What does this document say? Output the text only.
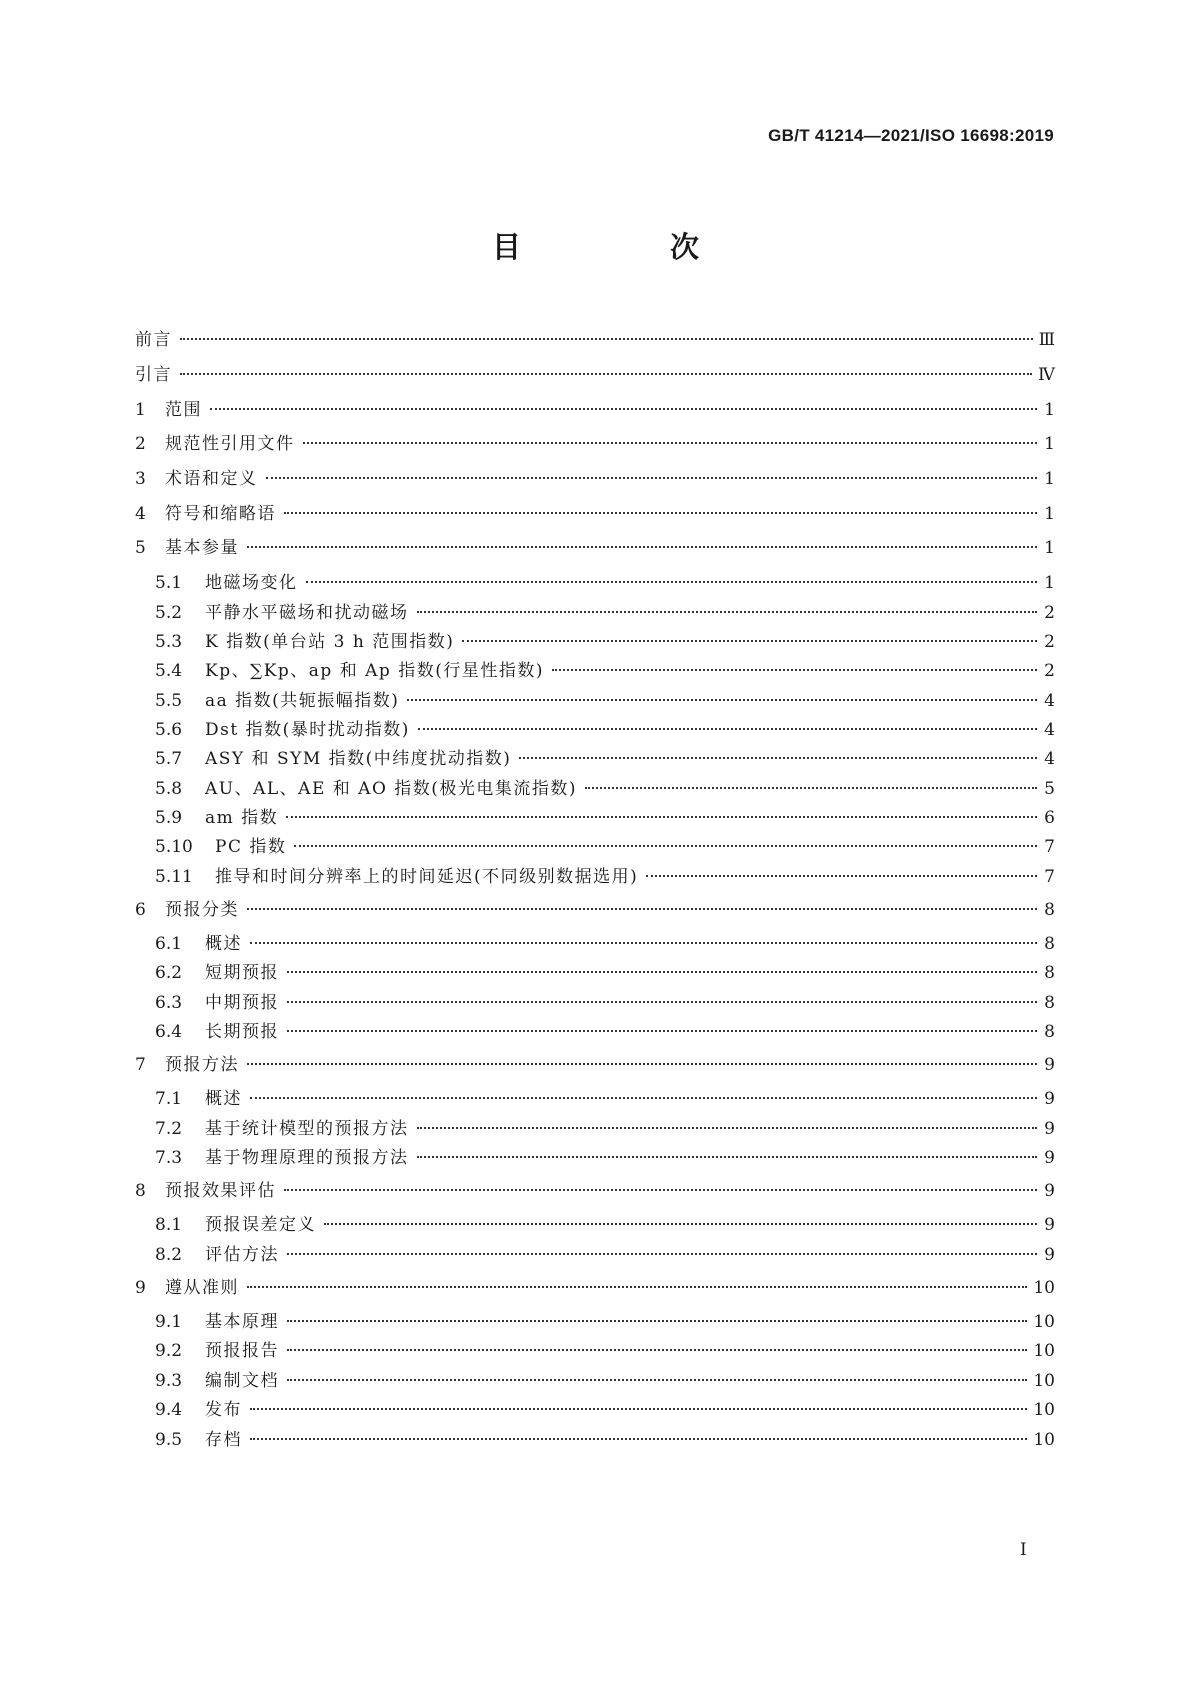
GB/T 41214—2021/ISO 16698:2019
目　次
前言	Ⅲ
引言	Ⅳ
1	范围	1
2	规范性引用文件	1
3	术语和定义	1
4	符号和缩略语	1
5	基本参量	1
5.1	地磁场变化	1
5.2	平静水平磁场和扰动磁场	2
5.3	K 指数(单台站 3 h 范围指数)	2
5.4	Kp、∑Kp、ap 和 Ap 指数(行星性指数)	2
5.5	aa 指数(共轭振幅指数)	4
5.6	Dst 指数(暴时扰动指数)	4
5.7	ASY 和 SYM 指数(中纬度扰动指数)	4
5.8	AU、AL、AE 和 AO 指数(极光电集流指数)	5
5.9	am 指数	6
5.10	PC 指数	7
5.11	推导和时间分辨率上的时间延迟(不同级别数据选用)	7
6	预报分类	8
6.1	概述	8
6.2	短期预报	8
6.3	中期预报	8
6.4	长期预报	8
7	预报方法	9
7.1	概述	9
7.2	基于统计模型的预报方法	9
7.3	基于物理原理的预报方法	9
8	预报效果评估	9
8.1	预报误差定义	9
8.2	评估方法	9
9	遵从准则	10
9.1	基本原理	10
9.2	预报报告	10
9.3	编制文档	10
9.4	发布	10
9.5	存档	10
Ⅰ
